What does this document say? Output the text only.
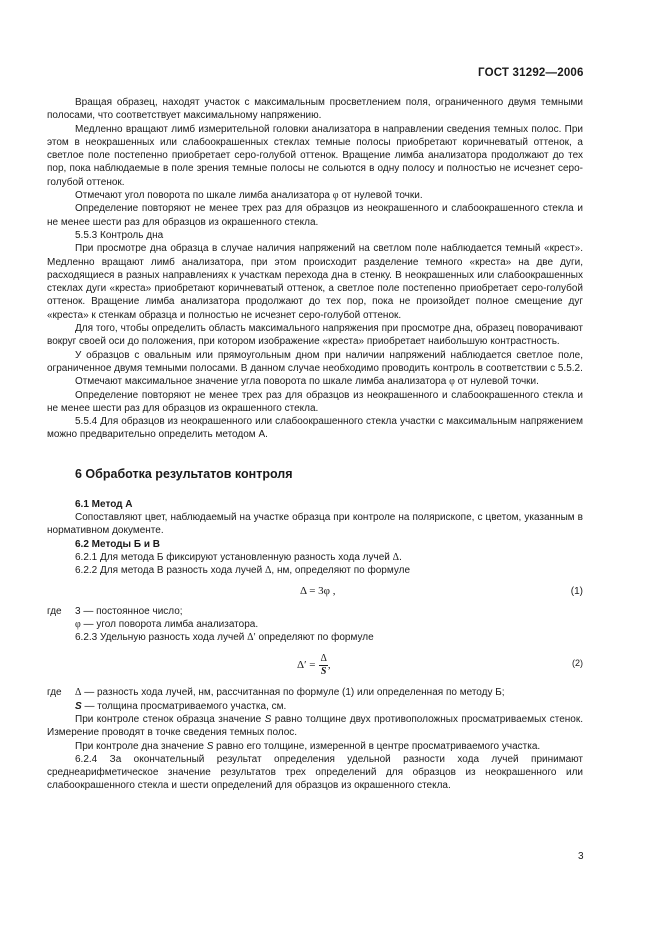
ГОСТ 31292—2006

Вращая образец, находят участок с максимальным просветлением поля, ограниченного двумя темными полосами, что соответствует максимальному напряжению.

Медленно вращают лимб измерительной головки анализатора в направлении сведения темных полос. При этом в неокрашенных или слабоокрашенных стеклах темные полосы приобретают коричневатый оттенок, а светлое поле постепенно приобретает серо-голубой оттенок. Вращение лимба анализатора продолжают до тех пор, пока наблюдаемые в поле зрения темные полосы не сольются в одну полосу и полностью не исчезнет серо-голубой оттенок.

Отмечают угол поворота по шкале лимба анализатора φ от нулевой точки.

Определение повторяют не менее трех раз для образцов из неокрашенного и слабоокрашенного стекла и не менее шести раз для образцов из окрашенного стекла.

5.5.3 Контроль дна

При просмотре дна образца в случае наличия напряжений на светлом поле наблюдается темный «крест». Медленно вращают лимб анализатора, при этом происходит разделение темного «креста» на две дуги, расходящиеся в разных направлениях к участкам перехода дна в стенку. В неокрашенных или слабоокрашенных стеклах дуги «креста» приобретают коричневатый оттенок, а светлое поле постепенно приобретает серо-голубой оттенок. Вращение лимба анализатора продолжают до тех пор, пока не произойдет полное смещение дуг «креста» к стенкам образца и полностью не исчезнет серо-голубой оттенок.

Для того, чтобы определить область максимального напряжения при просмотре дна, образец поворачивают вокруг своей оси до положения, при котором изображение «креста» приобретает наибольшую контрастность.

У образцов с овальным или прямоугольным дном при наличии напряжений наблюдается светлое поле, ограниченное двумя темными полосами. В данном случае необходимо проводить контроль в соответствии с 5.5.2.

Отмечают максимальное значение угла поворота по шкале лимба анализатора φ от нулевой точки.

Определение повторяют не менее трех раз для образцов из неокрашенного и слабоокрашенного стекла и не менее шести раз для образцов из окрашенного стекла.

5.5.4 Для образцов из неокрашенного или слабоокрашенного стекла участки с максимальным напряжением можно предварительно определить методом А.

6 Обработка результатов контроля

6.1 Метод А

Сопоставляют цвет, наблюдаемый на участке образца при контроле на полярископе, с цветом, указанным в нормативном документе.

6.2 Методы Б и В

6.2.1 Для метода Б фиксируют установленную разность хода лучей Δ.

6.2.2 Для метода В разность хода лучей Δ, нм, определяют по формуле

Δ = 3φ ,	(1)

где 3 — постоянное число;

φ — угол поворота лимба анализатора.

6.2.3 Удельную разность хода лучей Δ′ определяют по формуле

$\Delta' = \frac{\Delta}{S}$ ,	(2)

где Δ — разность хода лучей, нм, рассчитанная по формуле (1) или определенная по методу Б;

S — толщина просматриваемого участка, см.

При контроле стенок образца значение S равно толщине двух противоположных просматриваемых стенок. Измерение проводят в точке сведения темных полос.

При контроле дна значение S равно его толщине, измеренной в центре просматриваемого участка.

6.2.4 За окончательный результат определения удельной разности хода лучей принимают среднеарифметическое значение результатов трех определений для образцов из неокрашенного или слабоокрашенного стекла и шести определений для образцов из окрашенного стекла.

3
